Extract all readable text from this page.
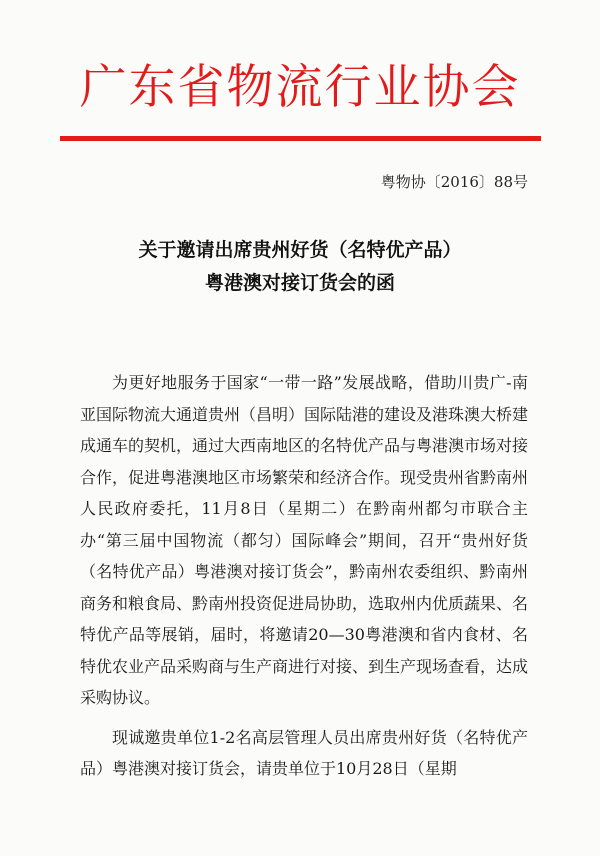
广东省物流行业协会
粤物协〔2016〕88号
关于邀请出席贵州好货（名特优产品）
粤港澳对接订货会的函

为更好地服务于国家“一带一路”发展战略，借助川贵广-南亚国际物流大通道贵州（昌明）国际陆港的建设及港珠澳大桥建成通车的契机，通过大西南地区的名特优产品与粤港澳市场对接合作，促进粤港澳地区市场繁荣和经济合作。现受贵州省黔南州人民政府委托，11月8日（星期二）在黔南州都匀市联合主办“第三届中国物流（都匀）国际峰会”期间，召开“贵州好货（名特优产品）粤港澳对接订货会”，黔南州农委组织、黔南州商务和粮食局、黔南州投资促进局协助，选取州内优质蔬果、名特优产品等展销，届时，将邀请20—30粤港澳和省内食材、名特优农业产品采购商与生产商进行对接、到生产现场查看，达成采购协议。

现诚邀贵单位1-2名高层管理人员出席贵州好货（名特优产品）粤港澳对接订货会，请贵单位于10月28日（星期
